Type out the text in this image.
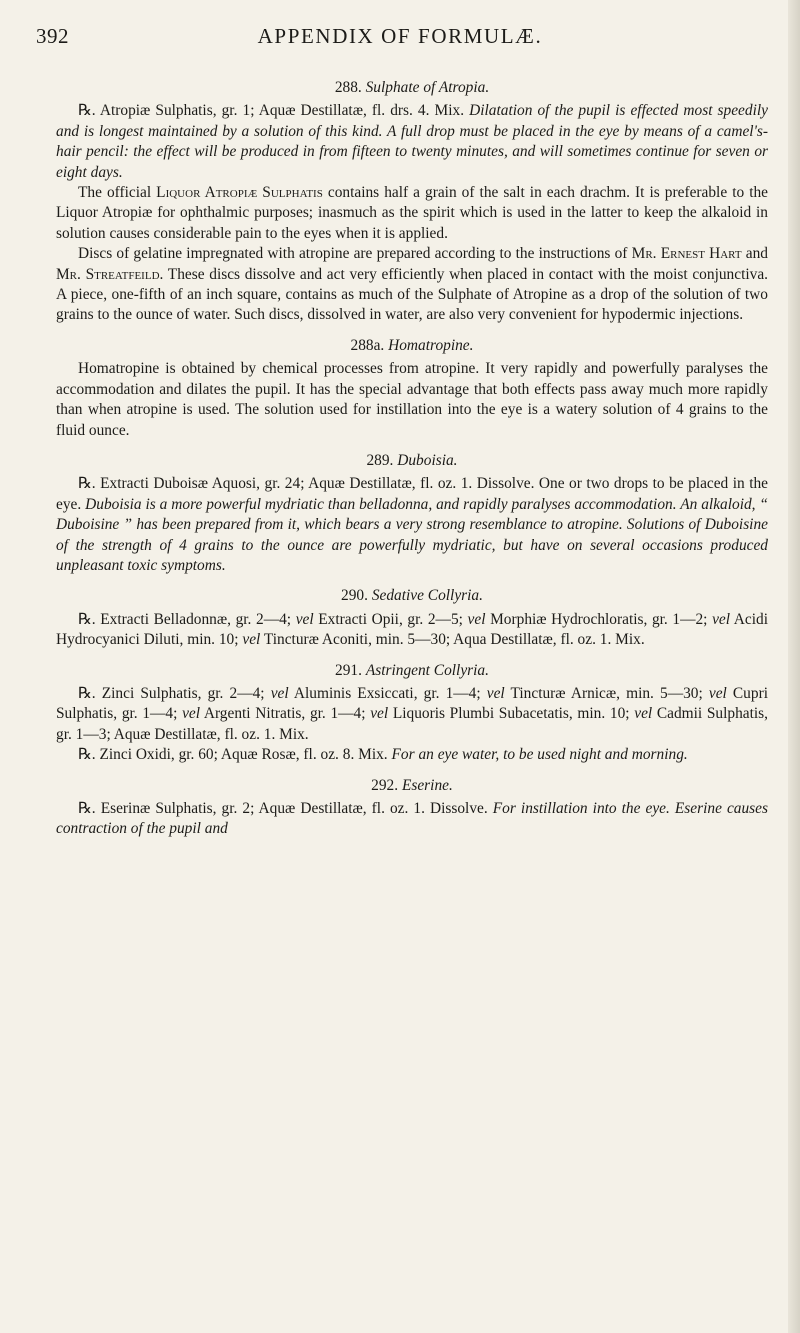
392	APPENDIX OF FORMULÆ.

288. Sulphate of Atropia.

℞. Atropiæ Sulphatis, gr. 1; Aquæ Destillatæ, fl. drs. 4. Mix. Dilatation of the pupil is effected most speedily and is longest maintained by a solution of this kind. A full drop must be placed in the eye by means of a camel's-hair pencil: the effect will be produced in from fifteen to twenty minutes, and will sometimes continue for seven or eight days.

The official Liquor Atropiæ Sulphatis contains half a grain of the salt in each drachm. It is preferable to the Liquor Atropiæ for ophthalmic purposes; inasmuch as the spirit which is used in the latter to keep the alkaloid in solution causes considerable pain to the eyes when it is applied.

Discs of gelatine impregnated with atropine are prepared according to the instructions of Mr. Ernest Hart and Mr. Streatfeild. These discs dissolve and act very efficiently when placed in contact with the moist conjunctiva. A piece, one-fifth of an inch square, contains as much of the Sulphate of Atropine as a drop of the solution of two grains to the ounce of water. Such discs, dissolved in water, are also very convenient for hypodermic injections.

288a. Homatropine.

Homatropine is obtained by chemical processes from atropine. It very rapidly and powerfully paralyses the accommodation and dilates the pupil. It has the special advantage that both effects pass away much more rapidly than when atropine is used. The solution used for instillation into the eye is a watery solution of 4 grains to the fluid ounce.

289. Duboisia.

℞. Extracti Duboisæ Aquosi, gr. 24; Aquæ Destillatæ, fl. oz. 1. Dissolve. One or two drops to be placed in the eye. Duboisia is a more powerful mydriatic than belladonna, and rapidly paralyses accommodation. An alkaloid, “ Duboisine ” has been prepared from it, which bears a very strong resemblance to atropine. Solutions of Duboisine of the strength of 4 grains to the ounce are powerfully mydriatic, but have on several occasions produced unpleasant toxic symptoms.

290. Sedative Collyria.

℞. Extracti Belladonnæ, gr. 2—4; vel Extracti Opii, gr. 2—5; vel Morphiæ Hydrochloratis, gr. 1—2; vel Acidi Hydrocyanici Diluti, min. 10; vel Tincturæ Aconiti, min. 5—30; Aqua Destillatæ, fl. oz. 1. Mix.

291. Astringent Collyria.

℞. Zinci Sulphatis, gr. 2—4; vel Aluminis Exsiccati, gr. 1—4; vel Tincturæ Arnicæ, min. 5—30; vel Cupri Sulphatis, gr. 1—4; vel Argenti Nitratis, gr. 1—4; vel Liquoris Plumbi Subacetatis, min. 10; vel Cadmii Sulphatis, gr. 1—3; Aquæ Destillatæ, fl. oz. 1. Mix.

℞. Zinci Oxidi, gr. 60; Aquæ Rosæ, fl. oz. 8. Mix. For an eye water, to be used night and morning.

292. Eserine.

℞. Eserinæ Sulphatis, gr. 2; Aquæ Destillatæ, fl. oz. 1. Dissolve. For instillation into the eye. Eserine causes contraction of the pupil and
